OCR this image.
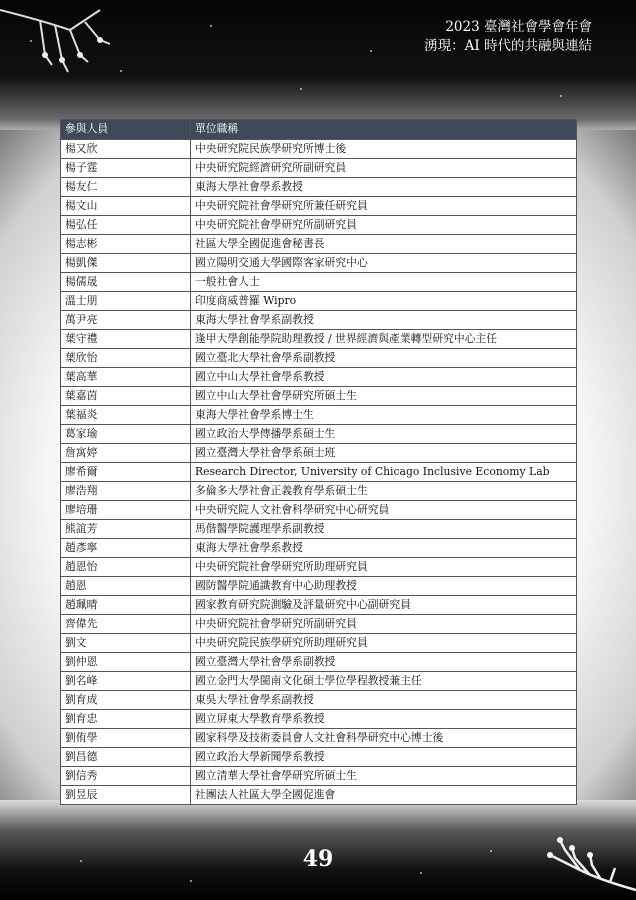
2023 臺灣社會學會年會
湧現：AI 時代的共融與連結
參與人員	單位職稱
楊又欣	中央研究院民族學研究所博士後
楊子霆	中央研究院經濟研究所副研究員
楊友仁	東海大學社會學系教授
楊文山	中央研究院社會學研究所兼任研究員
楊弘任	中央研究院社會學研究所副研究員
楊志彬	社區大學全國促進會秘書長
楊凱傑	國立陽明交通大學國際客家研究中心
楊儒晟	一般社會人士
溫士朋	印度商威普羅 Wipro
萬尹亮	東海大學社會學系副教授
葉守禮	逢甲大學創能學院助理教授 / 世界經濟與產業轉型研究中心主任
葉欣怡	國立臺北大學社會學系副教授
葉高華	國立中山大學社會學系教授
葉嘉茵	國立中山大學社會學研究所碩士生
葉福炎	東海大學社會學系博士生
葛家瑜	國立政治大學傳播學系碩士生
詹寓婷	國立臺灣大學社會學系碩士班
廖希爾	Research Director, University of Chicago Inclusive Economy Lab
廖浩翔	多倫多大學社會正義教育學系碩士生
廖培珊	中央研究院人文社會科學研究中心研究員
熊誼芳	馬偕醫學院護理學系副教授
趙彥寧	東海大學社會學系教授
趙恩怡	中央研究院社會學研究所助理研究員
趙恩	國防醫學院通識教育中心助理教授
趙珮晴	國家教育研究院測驗及評量研究中心副研究員
齊偉先	中央研究院社會學研究所副研究員
劉文	中央研究院民族學研究所助理研究員
劉仲恩	國立臺灣大學社會學系副教授
劉名峰	國立金門大學閩南文化碩士學位學程教授兼主任
劉育成	東吳大學社會學系副教授
劉育忠	國立屏東大學教育學系教授
劉侑學	國家科學及技術委員會人文社會科學研究中心博士後
劉昌德	國立政治大學新聞學系教授
劉信秀	國立清華大學社會學研究所碩士生
劉昱辰	社團法人社區大學全國促進會
49
